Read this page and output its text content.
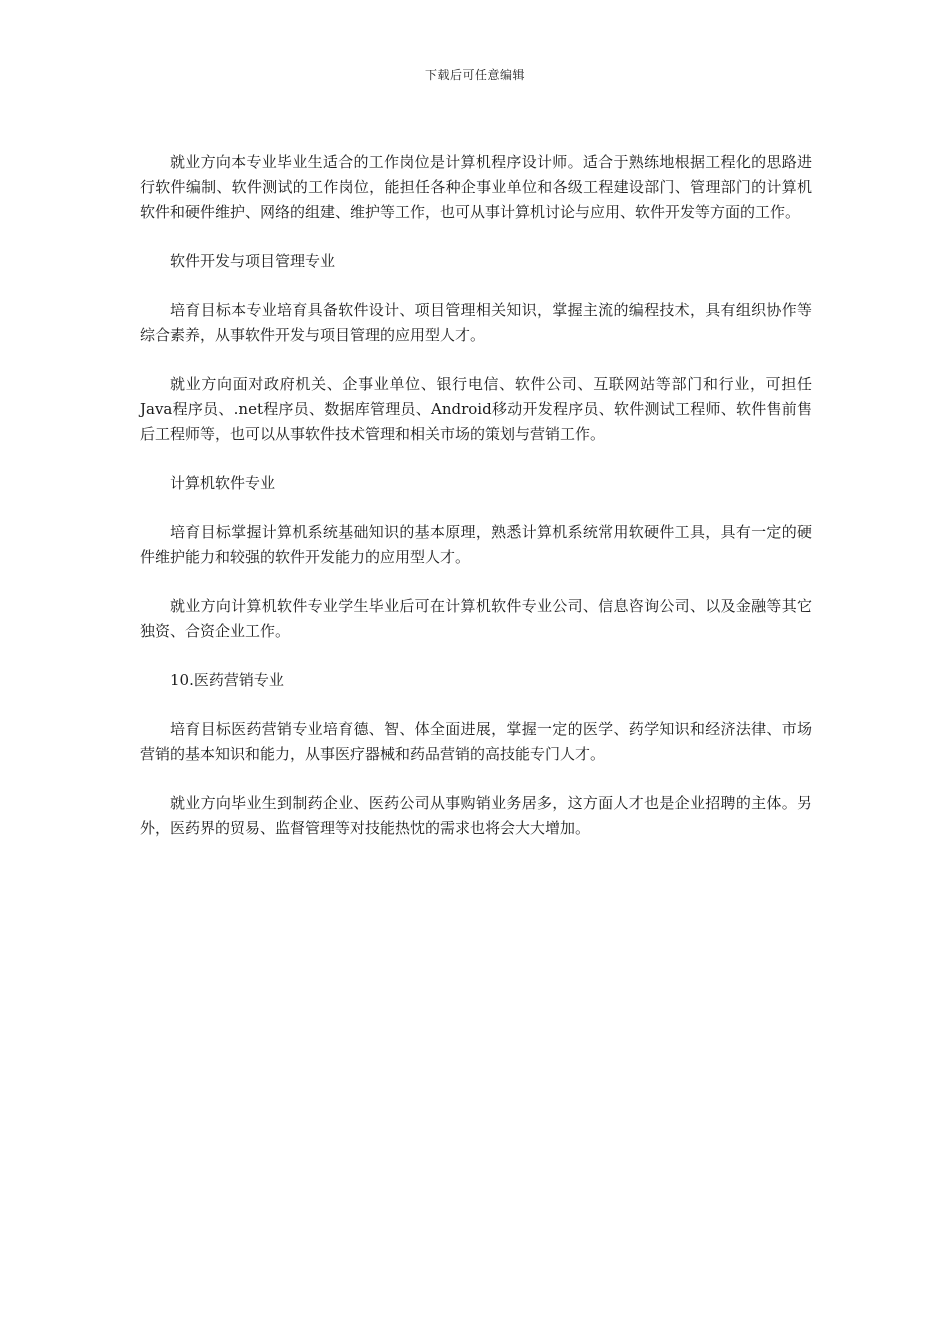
下载后可任意编辑

就业方向本专业毕业生适合的工作岗位是计算机程序设计师。适合于熟练地根据工程化的思路进行软件编制、软件测试的工作岗位，能担任各种企事业单位和各级工程建设部门、管理部门的计算机软件和硬件维护、网络的组建、维护等工作，也可从事计算机讨论与应用、软件开发等方面的工作。

软件开发与项目管理专业

培育目标本专业培育具备软件设计、项目管理相关知识，掌握主流的编程技术，具有组织协作等综合素养，从事软件开发与项目管理的应用型人才。

就业方向面对政府机关、企事业单位、银行电信、软件公司、互联网站等部门和行业，可担任Java程序员、.net程序员、数据库管理员、Android移动开发程序员、软件测试工程师、软件售前售后工程师等，也可以从事软件技术管理和相关市场的策划与营销工作。

计算机软件专业

培育目标掌握计算机系统基础知识的基本原理，熟悉计算机系统常用软硬件工具，具有一定的硬件维护能力和较强的软件开发能力的应用型人才。

就业方向计算机软件专业学生毕业后可在计算机软件专业公司、信息咨询公司、以及金融等其它独资、合资企业工作。

10.医药营销专业

培育目标医药营销专业培育德、智、体全面进展，掌握一定的医学、药学知识和经济法律、市场营销的基本知识和能力，从事医疗器械和药品营销的高技能专门人才。

就业方向毕业生到制药企业、医药公司从事购销业务居多，这方面人才也是企业招聘的主体。另外，医药界的贸易、监督管理等对技能热忱的需求也将会大大增加。
